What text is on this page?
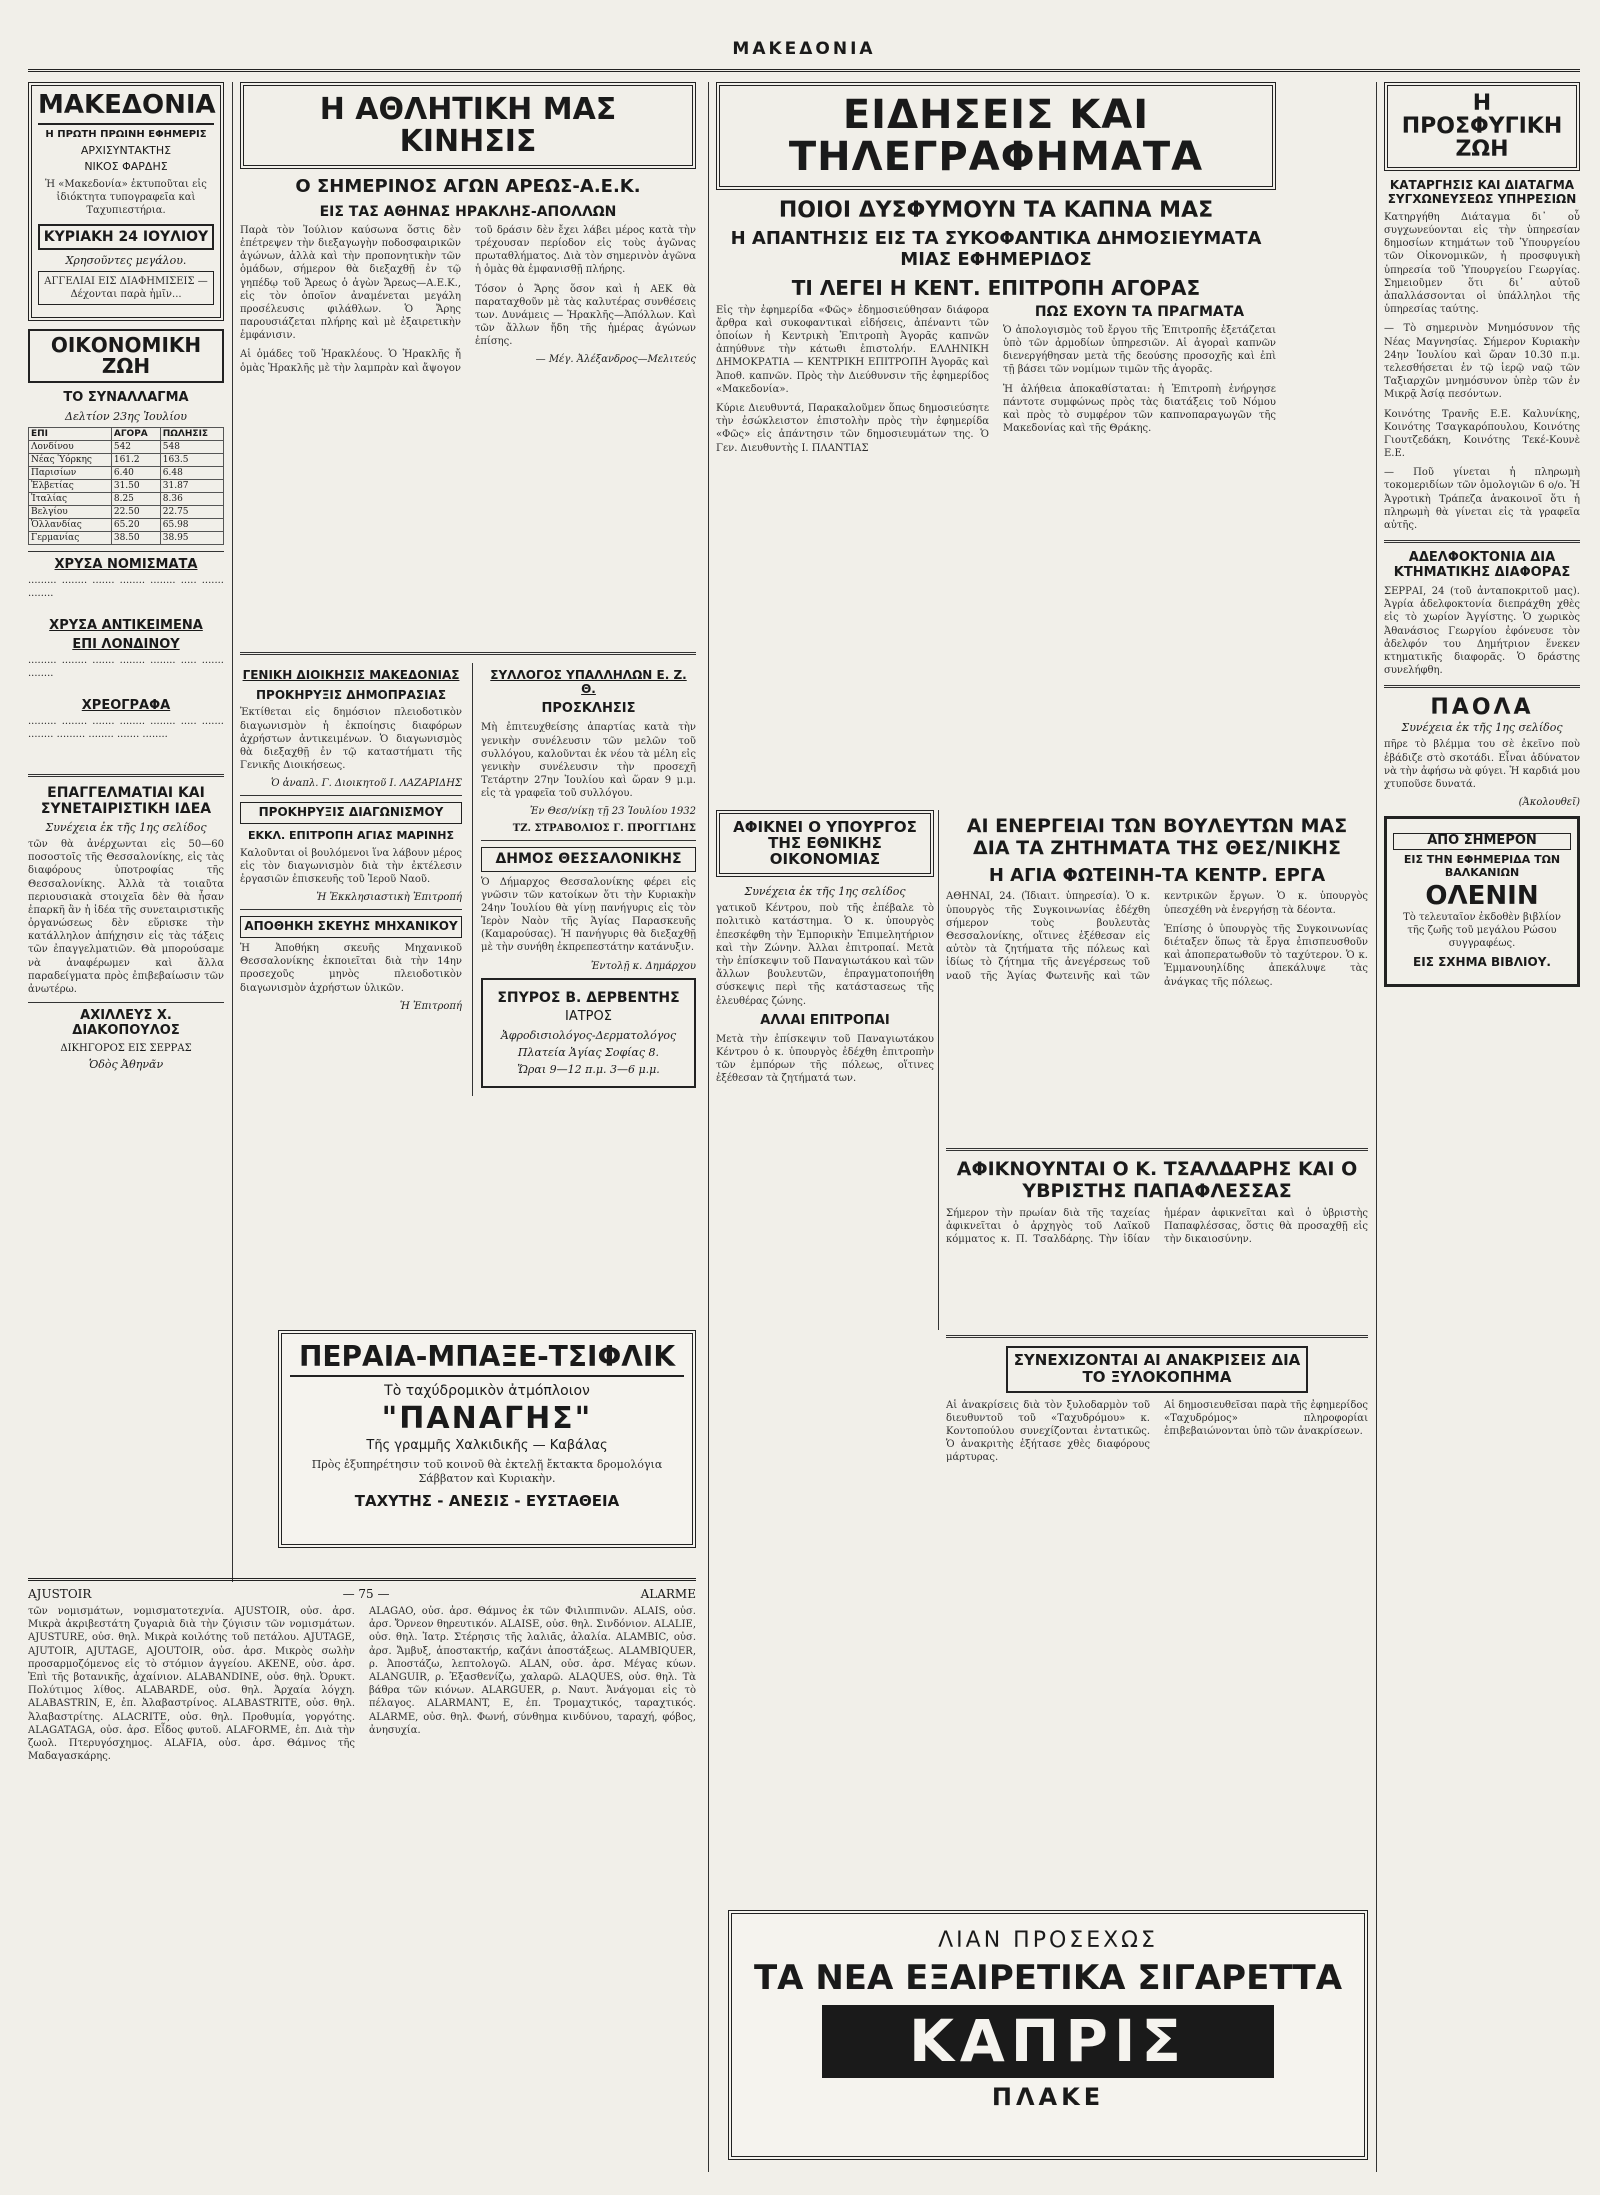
ΜΑΚΕΔΟΝΙΑ
ΜΑΚΕΔΟΝΙΑ
Η ΠΡΩΤΗ ΠΡΩΙΝΗ ΕΦΗΜΕΡΙΣ
ΑΡΧΙΣΥΝΤΑΚΤΗΣ
ΝΙΚΟΣ ΦΑΡΔΗΣ
Ἡ «Μακεδονία» ἐκτυποῦται εἰς ἰδιόκτητα τυπογραφεῖα καὶ Ταχυπιεστήρια.
ΚΥΡΙΑΚΗ 24 ΙΟΥΛΙΟΥ
Χρησοῦντες μεγάλου.
ΑΓΓΕΛΙΑΙ ΕΙΣ ΔΙΑΦΗΜΙΣΕΙΣ — Δέχονται παρὰ ἡμῖν...
ΟΙΚΟΝΟΜΙΚΗ ΖΩΗ
ΤΟ ΣΥΝΑΛΛΑΓΜΑ
Δελτίον 23ης Ἰουλίου
ΕΠΙ	ΑΓΟΡΑ	ΠΩΛΗΣΙΣ
Λονδίνου	542	548
Νέας Ὑόρκης	161.2	163.5
Παρισίων	6.40	6.48
Ἑλβετίας	31.50	31.87
Ἰταλίας	8.25	8.36
Βελγίου	22.50	22.75
Ὁλλανδίας	65.20	65.98
Γερμανίας	38.50	38.95
ΧΡΥΣΑ ΝΟΜΙΣΜΑΤΑ
········· ········ ······· ········ ········ ····· ······· ········
ΧΡΥΣΑ ΑΝΤΙΚΕΙΜΕΝΑ
ΕΠΙ ΛΟΝΔΙΝΟΥ
········· ········ ······· ········ ········ ····· ······· ········
ΧΡΕΟΓΡΑΦΑ
········· ········ ······· ········ ········ ····· ······· ········ ········· ········ ······· ········
ΕΠΑΓΓΕΛΜΑΤΙΑΙ ΚΑΙ ΣΥΝΕΤΑΙΡΙΣΤΙΚΗ ΙΔΕΑ
Συνέχεια ἐκ τῆς 1ης σελίδος
τῶν θὰ ἀνέρχωνται εἰς 50—60 ποσοστοῖς τῆς Θεσσαλονίκης, εἰς τὰς διαφόρους ὑποτροφίας τῆς Θεσσαλονίκης. Ἀλλὰ τὰ τοιαῦτα περιουσιακὰ στοιχεῖα δὲν θὰ ἦσαν ἐπαρκῆ ἂν ἡ ἰδέα τῆς συνεταιριστικῆς ὀργανώσεως δὲν εὕρισκε τὴν κατάλληλον ἀπήχησιν εἰς τὰς τάξεις τῶν ἐπαγγελματιῶν. Θὰ μπορούσαμε νὰ ἀναφέρωμεν καὶ ἄλλα παραδείγματα πρὸς ἐπιβεβαίωσιν τῶν ἀνωτέρω.
ΑΧΙΛΛΕΥΣ Χ. ΔΙΑΚΟΠΟΥΛΟΣ
ΔΙΚΗΓΟΡΟΣ ΕΙΣ ΣΕΡΡΑΣ
Ὁδὸς Ἀθηνᾶν
Η ΑΘΛΗΤΙΚΗ ΜΑΣ ΚΙΝΗΣΙΣ
Ο ΣΗΜΕΡΙΝΟΣ ΑΓΩΝ ΑΡΕΩΣ-Α.Ε.Κ.
ΕΙΣ ΤΑΣ ΑΘΗΝΑΣ ΗΡΑΚΛΗΣ-ΑΠΟΛΛΩΝ

Παρὰ τὸν Ἰούλιον καύσωνα ὅστις δὲν ἐπέτρεψεν τὴν διεξαγωγὴν ποδοσφαιρικῶν ἀγώνων, ἀλλὰ καὶ τὴν προπονητικὴν τῶν ὁμάδων, σήμερον θὰ διεξαχθῇ ἐν τῷ γηπέδῳ τοῦ Ἄρεως ὁ ἀγὼν Ἄρεως—Α.Ε.Κ., εἰς τὸν ὁποῖον ἀναμένεται μεγάλη προσέλευσις φιλάθλων. Ὁ Ἄρης παρουσιάζεται πλήρης καὶ μὲ ἐξαιρετικὴν ἐμφάνισιν.

Αἱ ὁμάδες τοῦ Ἡρακλέους. Ὁ Ἡρακλῆς ἤ ὁμὰς Ἡρακλῆς μὲ τὴν λαμπρὰν καὶ ἄψογον τοῦ δράσιν δὲν ἔχει λάβει μέρος κατὰ τὴν τρέχουσαν περίοδον εἰς τοὺς ἀγῶνας πρωταθλήματος. Διὰ τὸν σημερινὸν ἀγῶνα ἡ ὁμὰς θὰ ἐμφανισθῇ πλήρης.

Τόσον ὁ Ἄρης ὅσον καὶ ἡ ΑΕΚ θὰ παραταχθοῦν μὲ τὰς καλυτέρας συνθέσεις των. Δυνάμεις — Ἡρακλῆς—Ἀπόλλων. Καὶ τῶν ἄλλων ἤδη τῆς ἡμέρας ἀγώνων ἐπίσης.

— Μέγ. Ἀλέξανδρος—Μελιτεύς

ΓΕΝΙΚΗ ΔΙΟΙΚΗΣΙΣ ΜΑΚΕΔΟΝΙΑΣ
ΠΡΟΚΗΡΥΞΙΣ ΔΗΜΟΠΡΑΣΙΑΣ

Ἐκτίθεται εἰς δημόσιον πλειοδοτικὸν διαγωνισμὸν ἡ ἐκποίησις διαφόρων ἀχρήστων ἀντικειμένων. Ὁ διαγωνισμὸς θὰ διεξαχθῇ ἐν τῷ καταστήματι τῆς Γενικῆς Διοικήσεως.

Ὁ ἀναπλ. Γ. Διοικητοῦ Ι. ΛΑΖΑΡΙΔΗΣ

ΠΡΟΚΗΡΥΞΙΣ ΔΙΑΓΩΝΙΣΜΟΥ
ΕΚΚΛ. ΕΠΙΤΡΟΠΗ ΑΓΙΑΣ ΜΑΡΙΝΗΣ

Καλοῦνται οἱ βουλόμενοι ἵνα λάβουν μέρος εἰς τὸν διαγωνισμὸν διὰ τὴν ἐκτέλεσιν ἐργασιῶν ἐπισκευῆς τοῦ Ἱεροῦ Ναοῦ.

Ἡ Ἐκκλησιαστικὴ Ἐπιτροπή

ΑΠΟΘΗΚΗ ΣΚΕΥΗΣ ΜΗΧΑΝΙΚΟΥ

Ἡ Ἀποθήκη σκευῆς Μηχανικοῦ Θεσσαλονίκης ἐκποιεῖται διὰ τὴν 14ην προσεχοῦς μηνὸς πλειοδοτικὸν διαγωνισμὸν ἀχρήστων ὑλικῶν.

Ἡ Ἐπιτροπή

ΣΥΛΛΟΓΟΣ ΥΠΑΛΛΗΛΩΝ Ε. Ζ. Θ.
ΠΡΟΣΚΛΗΣΙΣ

Μὴ ἐπιτευχθείσης ἀπαρτίας κατὰ τὴν γενικὴν συνέλευσιν τῶν μελῶν τοῦ συλλόγου, καλοῦνται ἐκ νέου τὰ μέλη εἰς γενικὴν συνέλευσιν τὴν προσεχῆ Τετάρτην 27ην Ἰουλίου καὶ ὥραν 9 μ.μ. εἰς τὰ γραφεῖα τοῦ συλλόγου.

Ἐν Θεσ/νίκῃ τῇ 23 Ἰουλίου 1932

ΤΖ. ΣΤΡΑΒΟΛΙΟΣ Γ. ΠΡΟΓΓΙΔΗΣ

ΔΗΜΟΣ ΘΕΣΣΑΛΟΝΙΚΗΣ

Ὁ Δήμαρχος Θεσσαλονίκης φέρει εἰς γνῶσιν τῶν κατοίκων ὅτι τὴν Κυριακὴν 24ην Ἰουλίου θὰ γίνῃ πανήγυρις εἰς τὸν Ἱερὸν Ναὸν τῆς Ἁγίας Παρασκευῆς (Καμαρούσας). Ἡ πανήγυρις θὰ διεξαχθῇ μὲ τὴν συνήθη ἐκπρεπεστάτην κατάνυξιν.

Ἐντολῇ κ. Δημάρχου

ΣΠΥΡΟΣ Β. ΔΕΡΒΕΝΤΗΣ
ΙΑΤΡΟΣ
Ἀφροδισιολόγος-Δερματολόγος
Πλατεία Ἁγίας Σοφίας 8.
Ὥραι 9—12 π.μ. 3—6 μ.μ.
ΠΕΡΑΙΑ-ΜΠΑΞΕ-ΤΣΙΦΛΙΚ
Τὸ ταχύδρομικὸν ἀτμόπλοιον
"ΠΑΝΑΓΗΣ"
Τῆς γραμμῆς Χαλκιδικῆς — Καβάλας
Πρὸς ἐξυπηρέτησιν τοῦ κοινοῦ θὰ ἐκτελῇ ἔκτακτα δρομολόγια Σάββατον καὶ Κυριακὴν.
ΤΑΧΥΤΗΣ - ΑΝΕΣΙΣ - ΕΥΣΤΑΘΕΙΑ
ΕΙΔΗΣΕΙΣ ΚΑΙ ΤΗΛΕΓΡΑΦΗΜΑΤΑ
ΠΟΙΟΙ ΔΥΣΦΥΜΟΥΝ ΤΑ ΚΑΠΝΑ ΜΑΣ
Η ΑΠΑΝΤΗΣΙΣ ΕΙΣ ΤΑ ΣΥΚΟΦΑΝΤΙΚΑ ΔΗΜΟΣΙΕΥΜΑΤΑ ΜΙΑΣ ΕΦΗΜΕΡΙΔΟΣ
ΤΙ ΛΕΓΕΙ Η ΚΕΝΤ. ΕΠΙΤΡΟΠΗ ΑΓΟΡΑΣ

Εἰς τὴν ἐφημερίδα «Φῶς» ἐδημοσιεύθησαν διάφορα ἄρθρα καὶ συκοφαντικαὶ εἰδήσεις, ἀπέναντι τῶν ὁποίων ἡ Κεντρικὴ Ἐπιτροπὴ Ἀγορᾶς καπνῶν ἀπηύθυνε τὴν κάτωθι ἐπιστολήν. ΕΛΛΗΝΙΚΗ ΔΗΜΟΚΡΑΤΙΑ — ΚΕΝΤΡΙΚΗ ΕΠΙΤΡΟΠΗ Ἀγορᾶς καὶ Ἀποθ. καπνῶν. Πρὸς τὴν Διεύθυνσιν τῆς ἐφημερίδος «Μακεδονία».

Κύριε Διευθυντά, Παρακαλοῦμεν ὅπως δημοσιεύσητε τὴν ἐσώκλειστον ἐπιστολὴν πρὸς τὴν ἐφημερίδα «Φῶς» εἰς ἀπάντησιν τῶν δημοσιευμάτων της. Ὁ Γεν. Διευθυντὴς Ι. ΠΛΑΝΤΙΑΣ

ΠΩΣ ΕΧΟΥΝ ΤΑ ΠΡΑΓΜΑΤΑ

Ὁ ἀπολογισμὸς τοῦ ἔργου τῆς Ἐπιτροπῆς ἐξετάζεται ὑπὸ τῶν ἁρμοδίων ὑπηρεσιῶν. Αἱ ἀγοραὶ καπνῶν διενεργήθησαν μετὰ τῆς δεούσης προσοχῆς καὶ ἐπὶ τῇ βάσει τῶν νομίμων τιμῶν τῆς ἀγορᾶς.

Ἡ ἀλήθεια ἀποκαθίσταται: ἡ Ἐπιτροπὴ ἐνήργησε πάντοτε συμφώνως πρὸς τὰς διατάξεις τοῦ Νόμου καὶ πρὸς τὸ συμφέρον τῶν καπνοπαραγωγῶν τῆς Μακεδονίας καὶ τῆς Θράκης.

ΑΦΙΚΝΕΙ Ο ΥΠΟΥΡΓΟΣ ΤΗΣ ΕΘΝΙΚΗΣ ΟΙΚΟΝΟΜΙΑΣ
Συνέχεια ἐκ τῆς 1ης σελίδος

γατικοῦ Κέντρου, ποὺ τῆς ἐπέβαλε τὸ πολιτικὸ κατάστημα. Ὁ κ. ὑπουργὸς ἐπεσκέφθη τὴν Ἐμπορικὴν Ἐπιμελητήριον καὶ τὴν Ζώνην. Ἀλλαι ἐπιτροπαί. Μετὰ τὴν ἐπίσκεψιν τοῦ Παναγιωτάκου καὶ τῶν ἄλλων βουλευτῶν, ἐπραγματοποιήθη σύσκεψις περὶ τῆς κατάστασεως τῆς ἐλευθέρας ζώνης.

ΑΛΛΑΙ ΕΠΙΤΡΟΠΑΙ

Μετὰ τὴν ἐπίσκεψιν τοῦ Παναγιωτάκου Κέντρου ὁ κ. ὑπουργὸς ἐδέχθη ἐπιτροπὴν τῶν ἐμπόρων τῆς πόλεως, οἵτινες ἐξέθεσαν τὰ ζητήματά των.

ΑΙ ΕΝΕΡΓΕΙΑΙ ΤΩΝ ΒΟΥΛΕΥΤΩΝ ΜΑΣ ΔΙΑ ΤΑ ΖΗΤΗΜΑΤΑ ΤΗΣ ΘΕΣ/ΝΙΚΗΣ
Η ΑΓΙΑ ΦΩΤΕΙΝΗ-ΤΑ ΚΕΝΤΡ. ΕΡΓΑ

ΑΘΗΝΑΙ, 24. (Ἰδιαιτ. ὑπηρεσία). Ὁ κ. ὑπουργὸς τῆς Συγκοινωνίας ἐδέχθη σήμερον τοὺς βουλευτὰς Θεσσαλονίκης, οἵτινες ἐξέθεσαν εἰς αὐτὸν τὰ ζητήματα τῆς πόλεως καὶ ἰδίως τὸ ζήτημα τῆς ἀνεγέρσεως τοῦ ναοῦ τῆς Ἁγίας Φωτεινῆς καὶ τῶν κεντρικῶν ἔργων. Ὁ κ. ὑπουργὸς ὑπεσχέθη νὰ ἐνεργήσῃ τὰ δέοντα.

Ἐπίσης ὁ ὑπουργὸς τῆς Συγκοινωνίας διέταξεν ὅπως τὰ ἔργα ἐπισπευσθοῦν καὶ ἀποπερατωθοῦν τὸ ταχύτερον. Ὁ κ. Ἐμμανουηλίδης ἀπεκάλυψε τὰς ἀνάγκας τῆς πόλεως.

ΑΦΙΚΝΟΥΝΤΑΙ Ο Κ. ΤΣΑΛΔΑΡΗΣ ΚΑΙ Ο ΥΒΡΙΣΤΗΣ ΠΑΠΑΦΛΕΣΣΑΣ

Σήμερον τὴν πρωίαν διὰ τῆς ταχείας ἀφικνεῖται ὁ ἀρχηγὸς τοῦ Λαϊκοῦ κόμματος κ. Π. Τσαλδάρης. Τὴν ἰδίαν ἡμέραν ἀφικνεῖται καὶ ὁ ὑβριστὴς Παπαφλέσσας, ὅστις θὰ προσαχθῇ εἰς τὴν δικαιοσύνην.

ΣΥΝΕΧΙΖΟΝΤΑΙ ΑΙ ΑΝΑΚΡΙΣΕΙΣ ΔΙΑ ΤΟ ΞΥΛΟΚΟΠΗΜΑ

Αἱ ἀνακρίσεις διὰ τὸν ξυλοδαρμὸν τοῦ διευθυντοῦ τοῦ «Ταχυδρόμου» κ. Κοντοπούλου συνεχίζονται ἐντατικῶς. Ὁ ἀνακριτὴς ἐξήτασε χθὲς διαφόρους μάρτυρας.

Αἱ δημοσιευθεῖσαι παρὰ τῆς ἐφημερίδος «Ταχυδρόμος» πληροφορίαι ἐπιβεβαιώνονται ὑπὸ τῶν ἀνακρίσεων.

Η ΠΡΟΣΦΥΓΙΚΗ ΖΩΗ
ΚΑΤΑΡΓΗΣΙΣ ΚΑΙ ΔΙΑΤΑΓΜΑ ΣΥΓΧΩΝΕΥΣΕΩΣ ΥΠΗΡΕΣΙΩΝ

Κατηργήθη Διάταγμα δι᾽ οὗ συγχωνεύονται εἰς τὴν ὑπηρεσίαν δημοσίων κτημάτων τοῦ Ὑπουργείου τῶν Οἰκονομικῶν, ἡ προσφυγικὴ ὑπηρεσία τοῦ Ὑπουργείου Γεωργίας. Σημειοῦμεν ὅτι δι᾽ αὐτοῦ ἀπαλλάσσονται οἱ ὑπάλληλοι τῆς ὑπηρεσίας ταύτης.

— Τὸ σημερινὸν Μνημόσυνον τῆς Νέας Μαγνησίας. Σήμερον Κυριακὴν 24ην Ἰουλίου καὶ ὥραν 10.30 π.μ. τελεσθήσεται ἐν τῷ ἱερῷ ναῷ τῶν Ταξιαρχῶν μνημόσυνον ὑπὲρ τῶν ἐν Μικρᾷ Ἀσίᾳ πεσόντων.

Κοινότης Τρανῆς Ε.Ε. Καλυνίκης, Κοινότης Τσαγκαρόπουλου, Κοινότης Γιουτζεδάκη, Κοινότης Τεκέ-Κουνὲ Ε.Ε.

— Ποῦ γίνεται ἡ πληρωμὴ τοκομεριδίων τῶν ὁμολογιῶν 6 ο/ο. Ἡ Ἀγροτικὴ Τράπεζα ἀνακοινοῖ ὅτι ἡ πληρωμὴ θὰ γίνεται εἰς τὰ γραφεῖα αὐτῆς.

ΑΔΕΛΦΟΚΤΟΝΙΑ ΔΙΑ ΚΤΗΜΑΤΙΚΗΣ ΔΙΑΦΟΡΑΣ

ΣΕΡΡΑΙ, 24 (τοῦ ἀνταποκριτοῦ μας). Ἀγρία ἀδελφοκτονία διεπράχθη χθὲς εἰς τὸ χωρίον Ἀγγίστης. Ὁ χωρικὸς Ἀθανάσιος Γεωργίου ἐφόνευσε τὸν ἀδελφόν του Δημήτριον ἕνεκεν κτηματικῆς διαφορᾶς. Ὁ δράστης συνελήφθη.

ΠΑΟΛΑ
Συνέχεια ἐκ τῆς 1ης σελίδος

πῆρε τὸ βλέμμα του σὲ ἐκεῖνο ποὺ ἐβάδιζε στὸ σκοτάδι. Εἶναι ἀδύνατον νὰ τὴν ἀφήσω νὰ φύγει. Ἡ καρδιά μου χτυποῦσε δυνατά.

(Ἀκολουθεῖ)

ΑΠΟ ΣΗΜΕΡΟΝ
ΕΙΣ ΤΗΝ ΕΦΗΜΕΡΙΔΑ ΤΩΝ ΒΑΛΚΑΝΙΩΝ
ΟΛΕΝΙΝ

Τὸ τελευταῖον ἐκδοθὲν βιβλίον τῆς ζωῆς τοῦ μεγάλου Ρώσου συγγραφέως.

ΕΙΣ ΣΧΗΜΑ ΒΙΒΛΙΟΥ.
AJUSTOIR	— 75 —	ALARME

τῶν νομισμάτων, νομισματοτεχνία. AJUSTOIR, οὐσ. ἀρσ. Μικρὰ ἀκριβεστάτη ζυγαριὰ διὰ τὴν ζύγισιν τῶν νομισμάτων. AJUSTURE, οὐσ. θηλ. Μικρὰ κοιλότης τοῦ πετάλου. AJUTAGE, AJUTOIR, AJUTAGE, AJOUTOIR, οὐσ. ἀρσ. Μικρὸς σωλὴν προσαρμοζόμενος εἰς τὸ στόμιον ἀγγείου. AKENE, οὐσ. ἀρσ. Ἐπὶ τῆς βοτανικῆς, ἀχαίνιον. ALABANDINE, οὐσ. θηλ. Ὀρυκτ. Πολύτιμος λίθος. ALABARDE, οὐσ. θηλ. Ἀρχαία λόγχη. ALABASTRIN, E, ἐπ. Ἀλαβαστρίνος. ALABASTRITE, οὐσ. θηλ. Ἀλαβαστρίτης. ALACRITE, οὐσ. θηλ. Προθυμία, γοργότης. ALAGATAGA, οὐσ. ἀρσ. Εἶδος φυτοῦ. ALAFORME, ἐπ. Διὰ τὴν ζωολ. Πτερυγόσχημος. ALAFIA, οὐσ. ἀρσ. Θάμνος τῆς Μαδαγασκάρης.

ALAGAO, οὐσ. ἀρσ. Θάμνος ἐκ τῶν Φιλιππινῶν. ALAIS, οὐσ. ἀρσ. Ὄρνεον θηρευτικόν. ALAISE, οὐσ. θηλ. Σινδόνιον. ALALIE, οὐσ. θηλ. Ἰατρ. Στέρησις τῆς λαλιᾶς, ἀλαλία. ALAMBIC, οὐσ. ἀρσ. Ἄμβυξ, ἀποστακτήρ, καζάνι ἀποστάξεως. ALAMBIQUER, ρ. Ἀποστάζω, λεπτολογῶ. ALAN, οὐσ. ἀρσ. Μέγας κύων. ALANGUIR, ρ. Ἐξασθενίζω, χαλαρῶ. ALAQUES, οὐσ. θηλ. Τὰ βάθρα τῶν κιόνων. ALARGUER, ρ. Ναυτ. Ἀνάγομαι εἰς τὸ πέλαγος. ALARMANT, E, ἐπ. Τρομαχτικός, ταραχτικός. ALARME, οὐσ. θηλ. Φωνή, σύνθημα κινδύνου, ταραχή, φόβος, ἀνησυχία.

ΛΙΑΝ ΠΡΟΣΕΧΩΣ
ΤΑ ΝΕΑ ΕΞΑΙΡΕΤΙΚΑ ΣΙΓΑΡΕΤΤΑ
ΚΑΠΡΙΣ
ΠΛΑΚΕ
